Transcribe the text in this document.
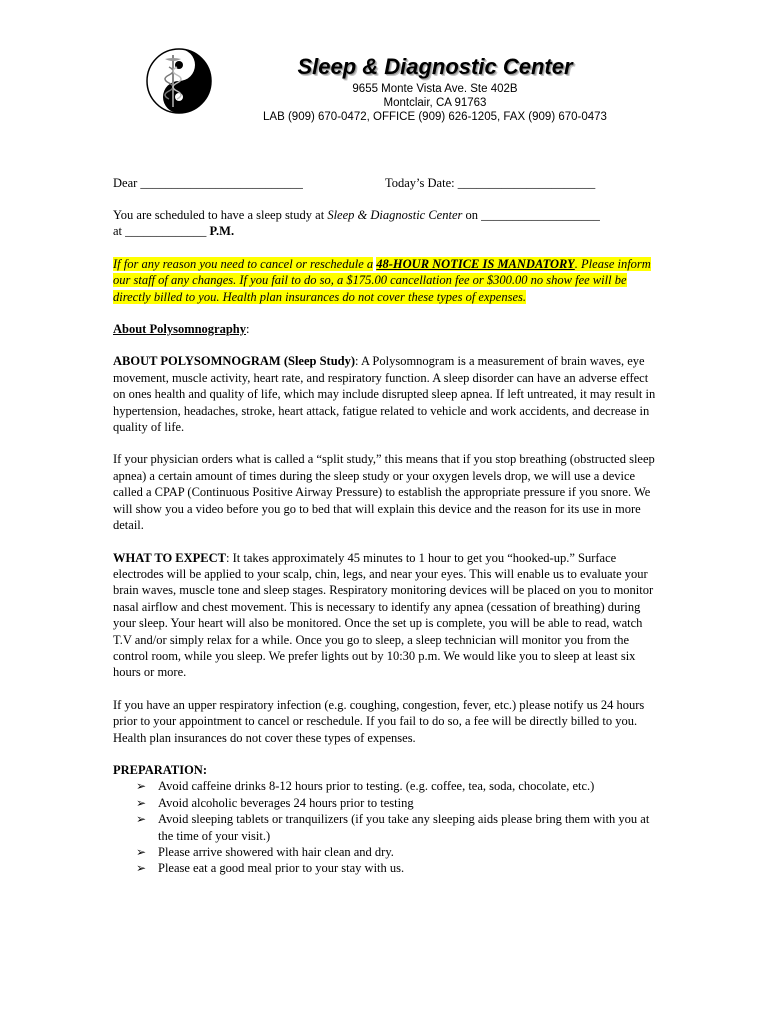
Sleep & Diagnostic Center
9655 Monte Vista Ave. Ste 402B
Montclair, CA 91763
LAB (909) 670-0472, OFFICE (909) 626-1205, FAX (909) 670-0473
Dear __________________________	Today’s Date: ______________________

You are scheduled to have a sleep study at Sleep & Diagnostic Center on ___________________
at _____________ P.M.

If for any reason you need to cancel or reschedule a 48-HOUR NOTICE IS MANDATORY. Please inform our staff of any changes. If you fail to do so, a $175.00 cancellation fee or $300.00 no show fee will be directly billed to you. Health plan insurances do not cover these types of expenses.

About Polysomnography:

ABOUT POLYSOMNOGRAM (Sleep Study): A Polysomnogram is a measurement of brain waves, eye movement, muscle activity, heart rate, and respiratory function. A sleep disorder can have an adverse effect on ones health and quality of life, which may include disrupted sleep apnea. If left untreated, it may result in hypertension, headaches, stroke, heart attack, fatigue related to vehicle and work accidents, and decrease in quality of life.

If your physician orders what is called a “split study,” this means that if you stop breathing (obstructed sleep apnea) a certain amount of times during the sleep study or your oxygen levels drop, we will use a device called a CPAP (Continuous Positive Airway Pressure) to establish the appropriate pressure if you snore. We will show you a video before you go to bed that will explain this device and the reason for its use in more detail.

WHAT TO EXPECT: It takes approximately 45 minutes to 1 hour to get you “hooked-up.” Surface electrodes will be applied to your scalp, chin, legs, and near your eyes. This will enable us to evaluate your brain waves, muscle tone and sleep stages. Respiratory monitoring devices will be placed on you to monitor nasal airflow and chest movement. This is necessary to identify any apnea (cessation of breathing) during your sleep. Your heart will also be monitored. Once the set up is complete, you will be able to read, watch T.V and/or simply relax for a while. Once you go to sleep, a sleep technician will monitor you from the control room, while you sleep. We prefer lights out by 10:30 p.m. We would like you to sleep at least six hours or more.

If you have an upper respiratory infection (e.g. coughing, congestion, fever, etc.) please notify us 24 hours prior to your appointment to cancel or reschedule. If you fail to do so, a fee will be directly billed to you. Health plan insurances do not cover these types of expenses.

PREPARATION:

➢ Avoid caffeine drinks 8-12 hours prior to testing. (e.g. coffee, tea, soda, chocolate, etc.)
➢ Avoid alcoholic beverages 24 hours prior to testing
➢ Avoid sleeping tablets or tranquilizers (if you take any sleeping aids please bring them with you at the time of your visit.)
➢ Please arrive showered with hair clean and dry.
➢ Please eat a good meal prior to your stay with us.
